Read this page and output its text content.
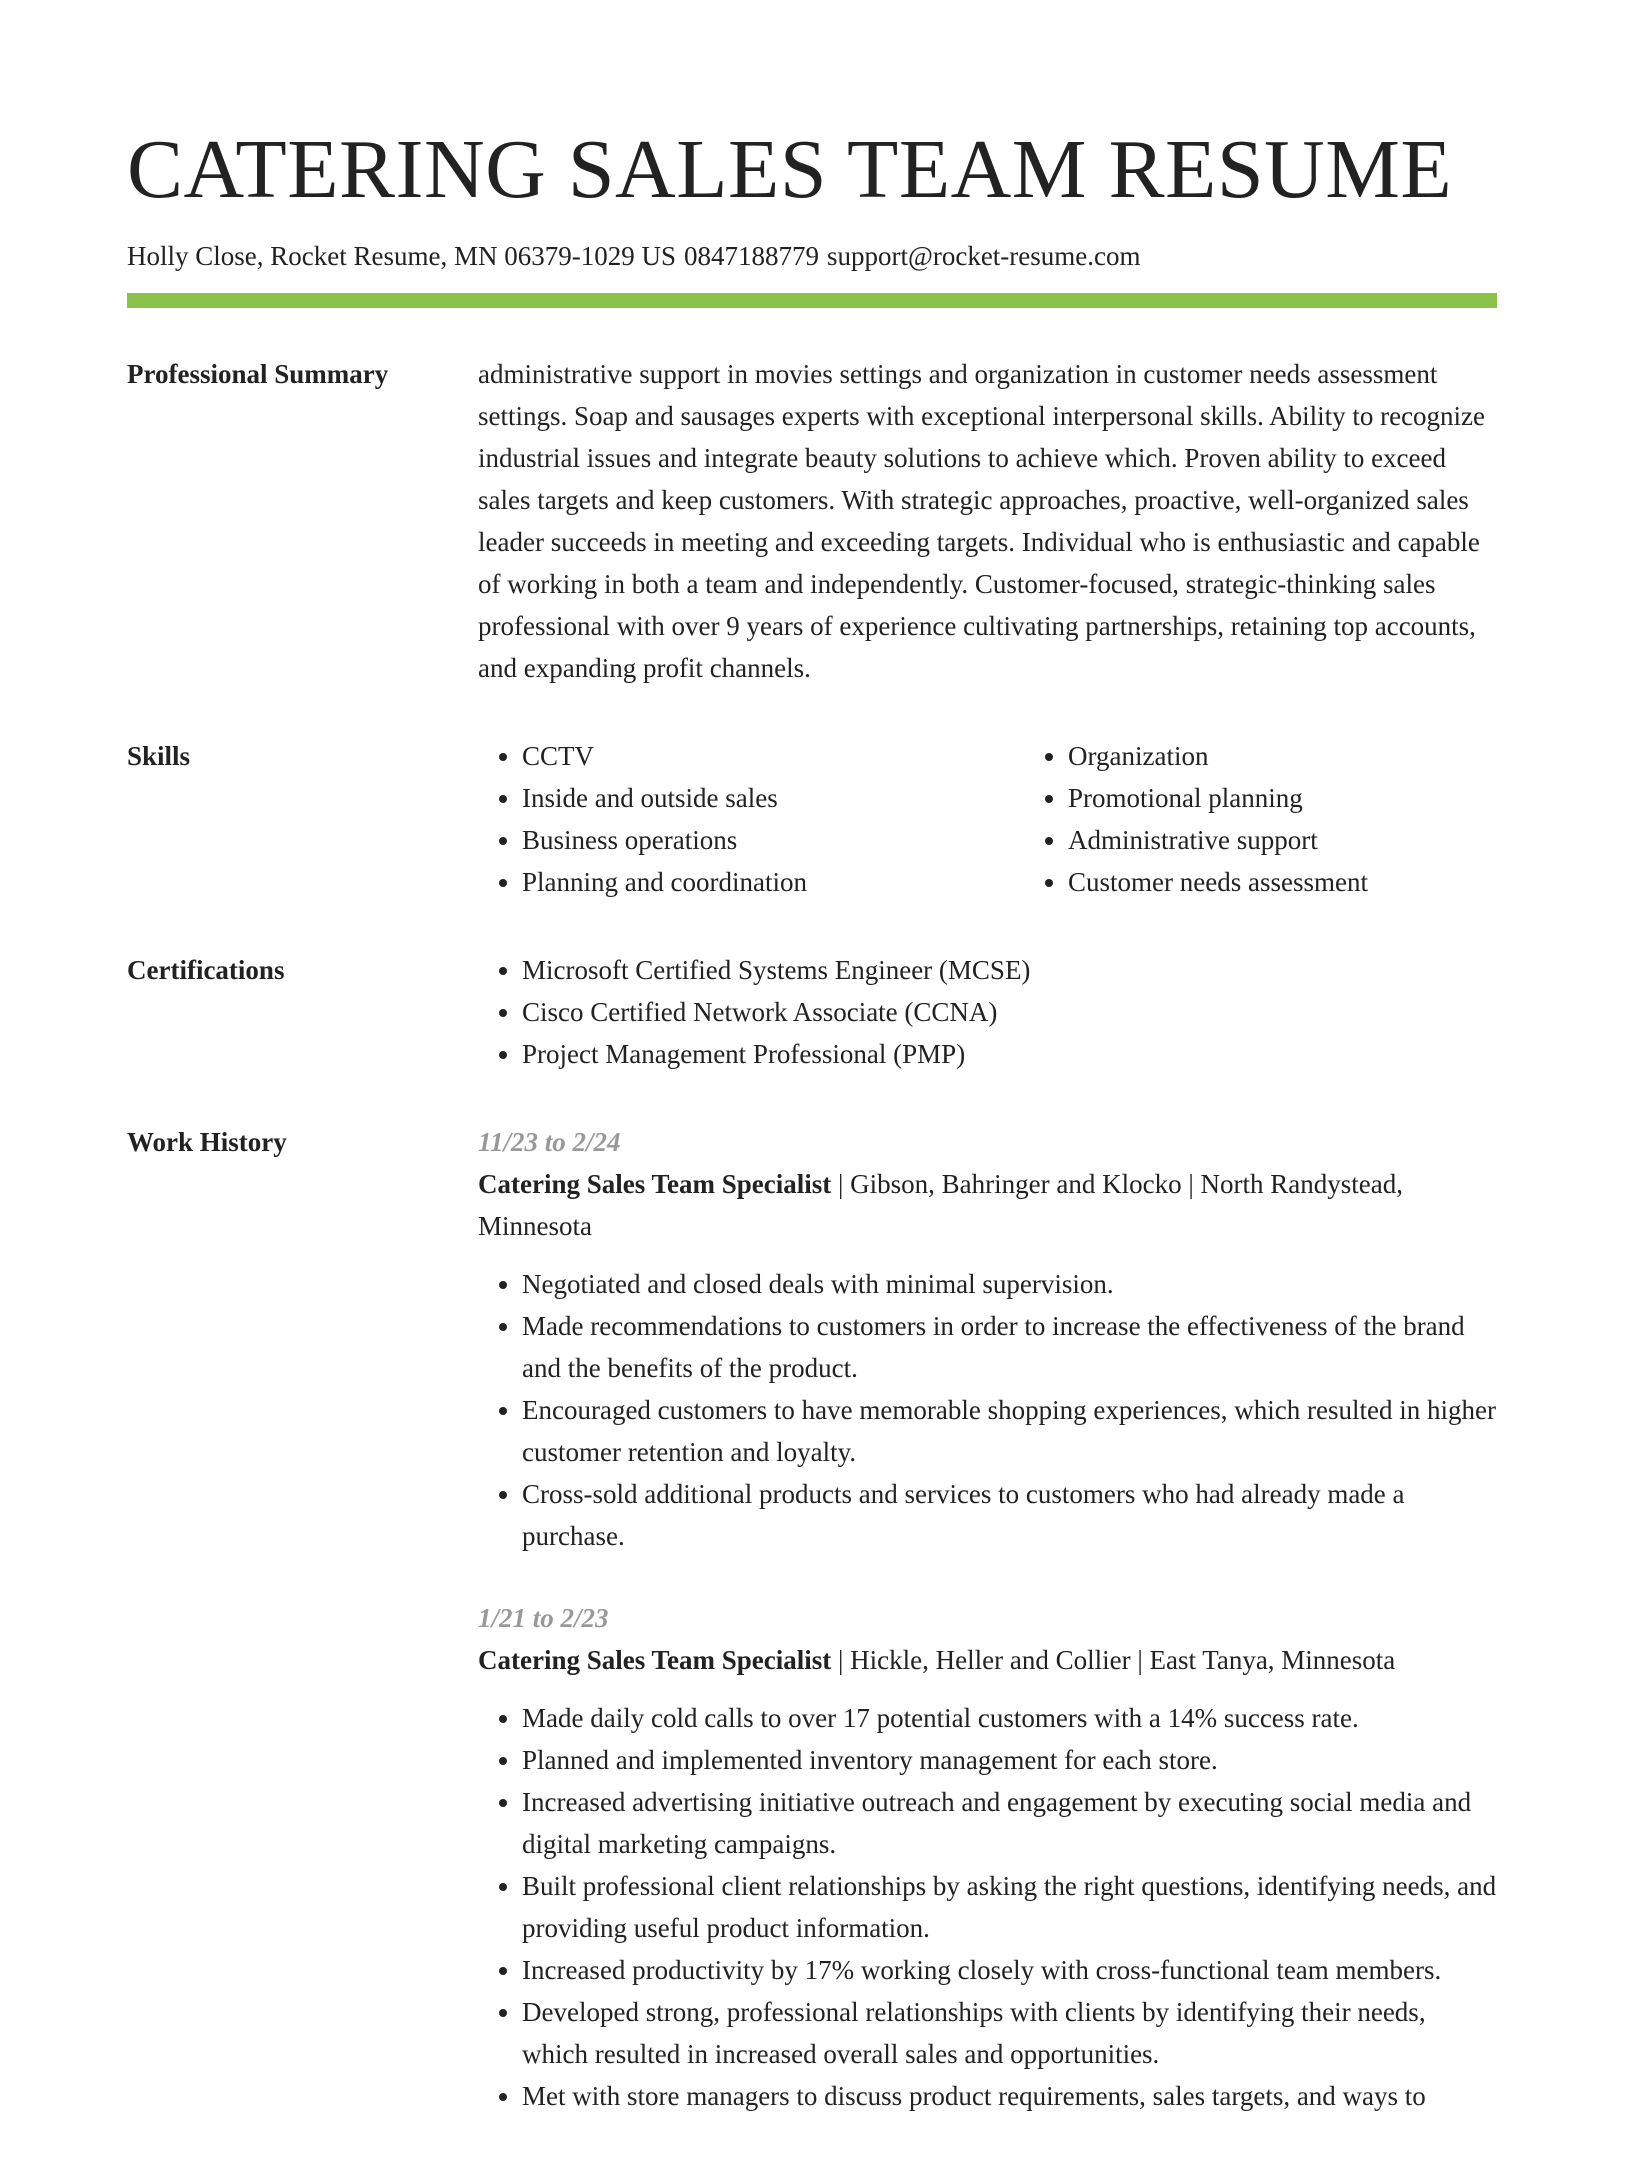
CATERING SALES TEAM RESUME
Holly Close, Rocket Resume, MN 06379-1029 US 0847188779 support@rocket-resume.com
Professional Summary	administrative support in movies settings and organization in customer needs assessment settings. Soap and sausages experts with exceptional interpersonal skills. Ability to recognize industrial issues and integrate beauty solutions to achieve which. Proven ability to exceed sales targets and keep customers. With strategic approaches, proactive, well-organized sales leader succeeds in meeting and exceeding targets. Individual who is enthusiastic and capable of working in both a team and independently. Customer-focused, strategic-thinking sales professional with over 9 years of experience cultivating partnerships, retaining top accounts, and expanding profit channels.

Skills	• CCTV
• Inside and outside sales
• Business operations
• Planning and coordination
• Organization
• Promotional planning
• Administrative support
• Customer needs assessment
Certifications	• Microsoft Certified Systems Engineer (MCSE)
• Cisco Certified Network Associate (CCNA)
• Project Management Professional (PMP)
Work History	11/23 to 2/24
Catering Sales Team Specialist | Gibson, Bahringer and Klocko | North Randystead, Minnesota
• Negotiated and closed deals with minimal supervision.
• Made recommendations to customers in order to increase the effectiveness of the brand and the benefits of the product.
• Encouraged customers to have memorable shopping experiences, which resulted in higher customer retention and loyalty.
• Cross-sold additional products and services to customers who had already made a purchase.
1/21 to 2/23
Catering Sales Team Specialist | Hickle, Heller and Collier | East Tanya, Minnesota
• Made daily cold calls to over 17 potential customers with a 14% success rate.
• Planned and implemented inventory management for each store.
• Increased advertising initiative outreach and engagement by executing social media and digital marketing campaigns.
• Built professional client relationships by asking the right questions, identifying needs, and providing useful product information.
• Increased productivity by 17% working closely with cross-functional team members.
• Developed strong, professional relationships with clients by identifying their needs, which resulted in increased overall sales and opportunities.
• Met with store managers to discuss product requirements, sales targets, and ways to
